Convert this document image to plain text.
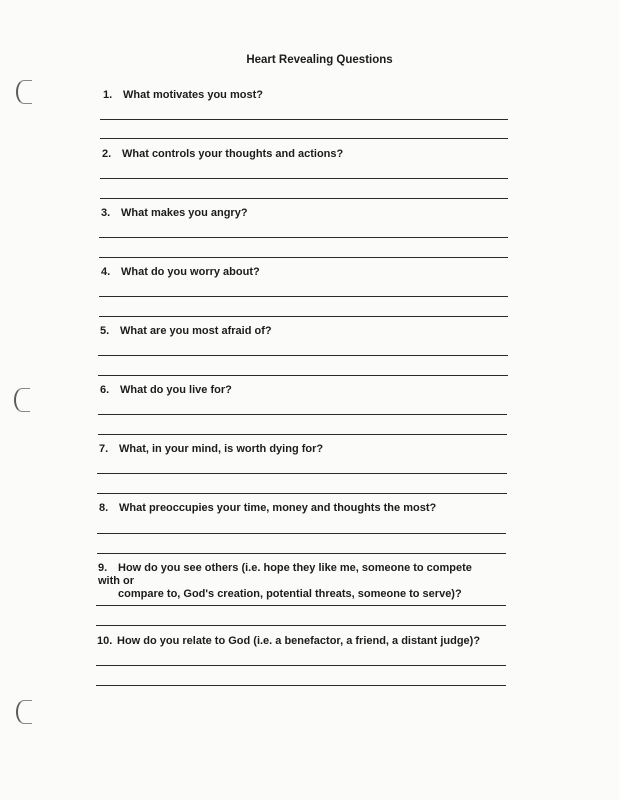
Heart Revealing Questions
1. What motivates you most?
2. What controls your thoughts and actions?
3. What makes you angry?
4. What do you worry about?
5. What are you most afraid of?
6. What do you live for?
7. What, in your mind, is worth dying for?
8. What preoccupies your time, money and thoughts the most?
9. How do you see others (i.e. hope they like me, someone to compete with or
compare to, God's creation, potential threats, someone to serve)?
10. How do you relate to God (i.e. a benefactor, a friend, a distant judge)?
